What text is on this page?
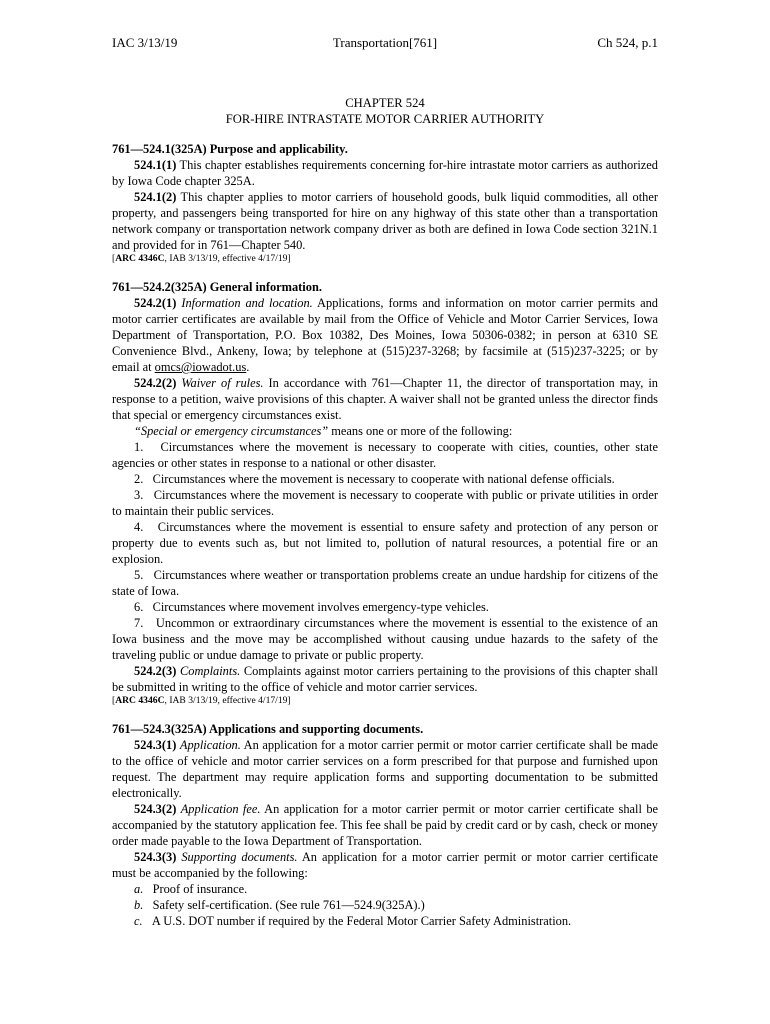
IAC 3/13/19	Transportation[761]	Ch 524, p.1
CHAPTER 524
FOR-HIRE INTRASTATE MOTOR CARRIER AUTHORITY
761—524.1(325A) Purpose and applicability.

524.1(1) This chapter establishes requirements concerning for-hire intrastate motor carriers as authorized by Iowa Code chapter 325A.

524.1(2) This chapter applies to motor carriers of household goods, bulk liquid commodities, all other property, and passengers being transported for hire on any highway of this state other than a transportation network company or transportation network company driver as both are defined in Iowa Code section 321N.1 and provided for in 761—Chapter 540.

[ARC 4346C, IAB 3/13/19, effective 4/17/19]

761—524.2(325A) General information.

524.2(1) Information and location. Applications, forms and information on motor carrier permits and motor carrier certificates are available by mail from the Office of Vehicle and Motor Carrier Services, Iowa Department of Transportation, P.O. Box 10382, Des Moines, Iowa 50306-0382; in person at 6310 SE Convenience Blvd., Ankeny, Iowa; by telephone at (515)237-3268; by facsimile at (515)237-3225; or by email at omcs@iowadot.us.

524.2(2) Waiver of rules. In accordance with 761—Chapter 11, the director of transportation may, in response to a petition, waive provisions of this chapter. A waiver shall not be granted unless the director finds that special or emergency circumstances exist.

“Special or emergency circumstances” means one or more of the following:

1.   Circumstances where the movement is necessary to cooperate with cities, counties, other state agencies or other states in response to a national or other disaster.

2.   Circumstances where the movement is necessary to cooperate with national defense officials.

3.   Circumstances where the movement is necessary to cooperate with public or private utilities in order to maintain their public services.

4.   Circumstances where the movement is essential to ensure safety and protection of any person or property due to events such as, but not limited to, pollution of natural resources, a potential fire or an explosion.

5.   Circumstances where weather or transportation problems create an undue hardship for citizens of the state of Iowa.

6.   Circumstances where movement involves emergency-type vehicles.

7.   Uncommon or extraordinary circumstances where the movement is essential to the existence of an Iowa business and the move may be accomplished without causing undue hazards to the safety of the traveling public or undue damage to private or public property.

524.2(3) Complaints. Complaints against motor carriers pertaining to the provisions of this chapter shall be submitted in writing to the office of vehicle and motor carrier services.

[ARC 4346C, IAB 3/13/19, effective 4/17/19]

761—524.3(325A) Applications and supporting documents.

524.3(1) Application. An application for a motor carrier permit or motor carrier certificate shall be made to the office of vehicle and motor carrier services on a form prescribed for that purpose and furnished upon request. The department may require application forms and supporting documentation to be submitted electronically.

524.3(2) Application fee. An application for a motor carrier permit or motor carrier certificate shall be accompanied by the statutory application fee. This fee shall be paid by credit card or by cash, check or money order made payable to the Iowa Department of Transportation.

524.3(3) Supporting documents. An application for a motor carrier permit or motor carrier certificate must be accompanied by the following:

a.   Proof of insurance.

b.   Safety self-certification. (See rule 761—524.9(325A).)

c.   A U.S. DOT number if required by the Federal Motor Carrier Safety Administration.
